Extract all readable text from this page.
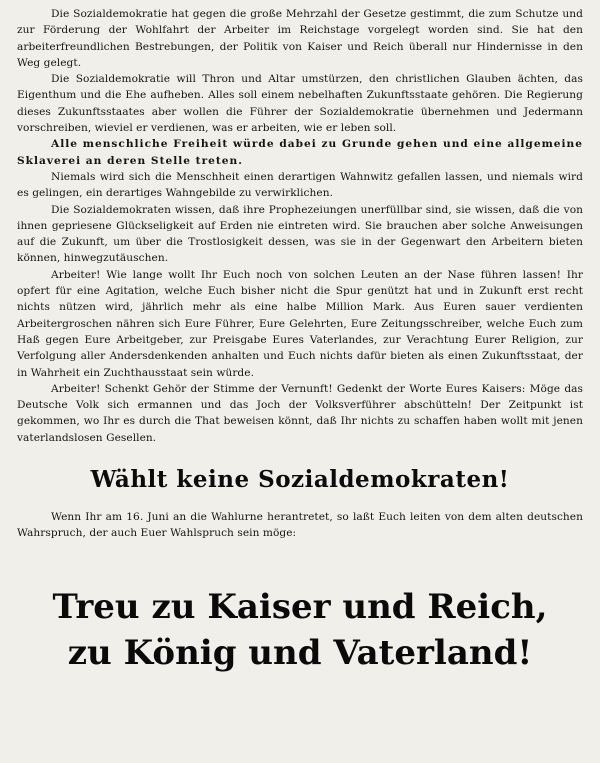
Die Sozialdemokratie hat gegen die große Mehrzahl der Gesetze gestimmt, die zum Schutze und zur Förderung der Wohlfahrt der Arbeiter im Reichstage vorgelegt worden sind. Sie hat den arbeiterfreundlichen Bestrebungen, der Politik von Kaiser und Reich überall nur Hindernisse in den Weg gelegt.

Die Sozialdemokratie will Thron und Altar umstürzen, den christlichen Glauben ächten, das Eigenthum und die Ehe aufheben. Alles soll einem nebelhaften Zukunftsstaate gehören. Die Regierung dieses Zukunftsstaates aber wollen die Führer der Sozialdemokratie übernehmen und Jedermann vorschreiben, wieviel er verdienen, was er arbeiten, wie er leben soll.

Alle menschliche Freiheit würde dabei zu Grunde gehen und eine allgemeine Sklaverei an deren Stelle treten.

Niemals wird sich die Menschheit einen derartigen Wahnwitz gefallen lassen, und niemals wird es gelingen, ein derartiges Wahngebilde zu verwirklichen.

Die Sozialdemokraten wissen, daß ihre Prophezeiungen unerfüllbar sind, sie wissen, daß die von ihnen gepriesene Glückseligkeit auf Erden nie eintreten wird. Sie brauchen aber solche Anweisungen auf die Zukunft, um über die Trostlosigkeit dessen, was sie in der Gegenwart den Arbeitern bieten können, hinwegzutäuschen.

Arbeiter! Wie lange wollt Ihr Euch noch von solchen Leuten an der Nase führen lassen! Ihr opfert für eine Agitation, welche Euch bisher nicht die Spur genützt hat und in Zukunft erst recht nichts nützen wird, jährlich mehr als eine halbe Million Mark. Aus Euren sauer verdienten Arbeitergroschen nähren sich Eure Führer, Eure Gelehrten, Eure Zeitungsschreiber, welche Euch zum Haß gegen Eure Arbeitgeber, zur Preisgabe Eures Vaterlandes, zur Verachtung Eurer Religion, zur Verfolgung aller Andersdenkenden anhalten und Euch nichts dafür bieten als einen Zukunftsstaat, der in Wahrheit ein Zuchthausstaat sein würde.

Arbeiter! Schenkt Gehör der Stimme der Vernunft! Gedenkt der Worte Eures Kaisers: Möge das Deutsche Volk sich ermannen und das Joch der Volksverführer abschütteln! Der Zeitpunkt ist gekommen, wo Ihr es durch die That beweisen könnt, daß Ihr nichts zu schaffen haben wollt mit jenen vaterlandslosen Gesellen.

Wählt keine Sozialdemokraten!

Wenn Ihr am 16. Juni an die Wahlurne herantretet, so laßt Euch leiten von dem alten deutschen Wahrspruch, der auch Euer Wahlspruch sein möge:

Treu zu Kaiser und Reich,
zu König und Vaterland!
